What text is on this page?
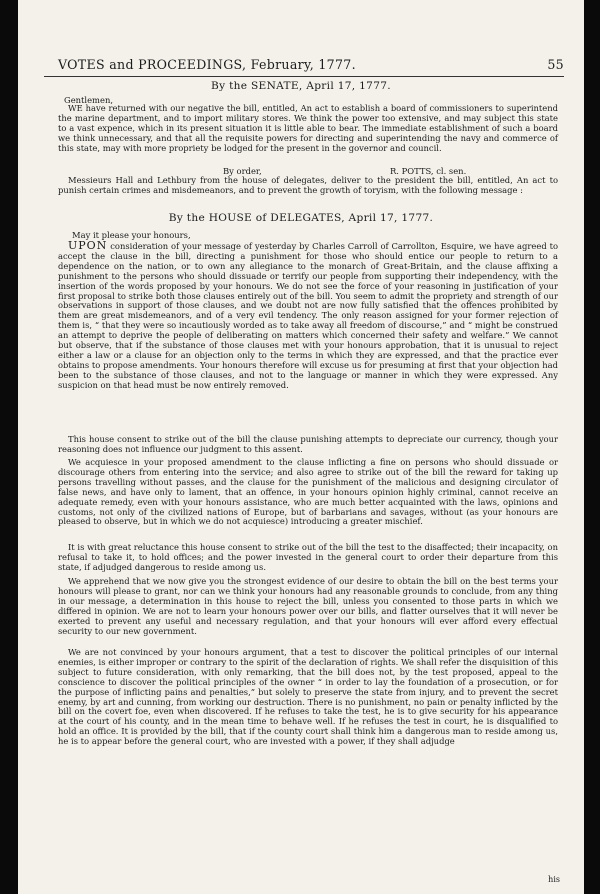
VOTES and PROCEEDINGS, February, 1777.	55
By the SENATE, April 17, 1777.
Gentlemen,

WE have returned with our negative the bill, entitled, An act to establish a board of commissioners to superintend the marine department, and to import military stores. We think the power too extensive, and may subject this state to a vast expence, which in its present situation it is little able to bear. The immediate establishment of such a board we think unnecessary, and that all the requisite powers for directing and superintending the navy and commerce of this state, may with more propriety be lodged for the present in the governor and council.

By order,	R. POTTS, cl. sen.

Messieurs Hall and Lethbury from the house of delegates, deliver to the president the bill, entitled, An act to punish certain crimes and misdemeanors, and to prevent the growth of toryism, with the following message :

By the HOUSE of DELEGATES, April 17, 1777.
May it please your honours,

UPON consideration of your message of yesterday by Charles Carroll of Carrollton, Esquire, we have agreed to accept the clause in the bill, directing a punishment for those who should entice our people to return to a dependence on the nation, or to own any allegiance to the monarch of Great-Britain, and the clause affixing a punishment to the persons who should dissuade or terrify our people from supporting their independency, with the insertion of the words proposed by your honours. We do not see the force of your reasoning in justification of your first proposal to strike both those clauses entirely out of the bill. You seem to admit the propriety and strength of our observations in support of those clauses, and we doubt not are now fully satisfied that the offences prohibited by them are great misdemeanors, and of a very evil tendency. The only reason assigned for your former rejection of them is, “ that they were so incautiously worded as to take away all freedom of discourse,” and “ might be construed an attempt to deprive the people of deliberating on matters which concerned their safety and welfare.” We cannot but observe, that if the substance of those clauses met with your honours approbation, that it is unusual to reject either a law or a clause for an objection only to the terms in which they are expressed, and that the practice ever obtains to propose amendments. Your honours therefore will excuse us for presuming at first that your objection had been to the substance of those clauses, and not to the language or manner in which they were expressed. Any suspicion on that head must be now entirely removed.

This house consent to strike out of the bill the clause punishing attempts to depreciate our currency, though your reasoning does not influence our judgment to this assent.

We acquiesce in your proposed amendment to the clause inflicting a fine on persons who should dissuade or discourage others from entering into the service; and also agree to strike out of the bill the reward for taking up persons travelling without passes, and the clause for the punishment of the malicious and designing circulator of false news, and have only to lament, that an offence, in your honours opinion highly criminal, cannot receive an adequate remedy, even with your honours assistance, who are much better acquainted with the laws, opinions and customs, not only of the civilized nations of Europe, but of barbarians and savages, without (as your honours are pleased to observe, but in which we do not acquiesce) introducing a greater mischief.

It is with great reluctance this house consent to strike out of the bill the test to the disaffected; their incapacity, on refusal to take it, to hold offices; and the power invested in the general court to order their departure from this state, if adjudged dangerous to reside among us.

We apprehend that we now give you the strongest evidence of our desire to obtain the bill on the best terms your honours will please to grant, nor can we think your honours had any reasonable grounds to conclude, from any thing in our message, a determination in this house to reject the bill, unless you consented to those parts in which we differed in opinion. We are not to learn your honours power over our bills, and flatter ourselves that it will never be exerted to prevent any useful and necessary regulation, and that your honours will ever afford every effectual security to our new government.

We are not convinced by your honours argument, that a test to discover the political principles of our internal enemies, is either improper or contrary to the spirit of the declaration of rights. We shall refer the disquisition of this subject to future consideration, with only remarking, that the bill does not, by the test proposed, appeal to the conscience to discover the political principles of the owner “ in order to lay the foundation of a prosecution, or for the purpose of inflicting pains and penalties,” but solely to preserve the state from injury, and to prevent the secret enemy, by art and cunning, from working our destruction. There is no punishment, no pain or penalty inflicted by the bill on the covert foe, even when discovered. If he refuses to take the test, he is to give security for his appearance at the court of his county, and in the mean time to behave well. If he refuses the test in court, he is disqualified to hold an office. It is provided by the bill, that if the county court shall think him a dangerous man to reside among us, he is to appear before the general court, who are invested with a power, if they shall adjudge

his
